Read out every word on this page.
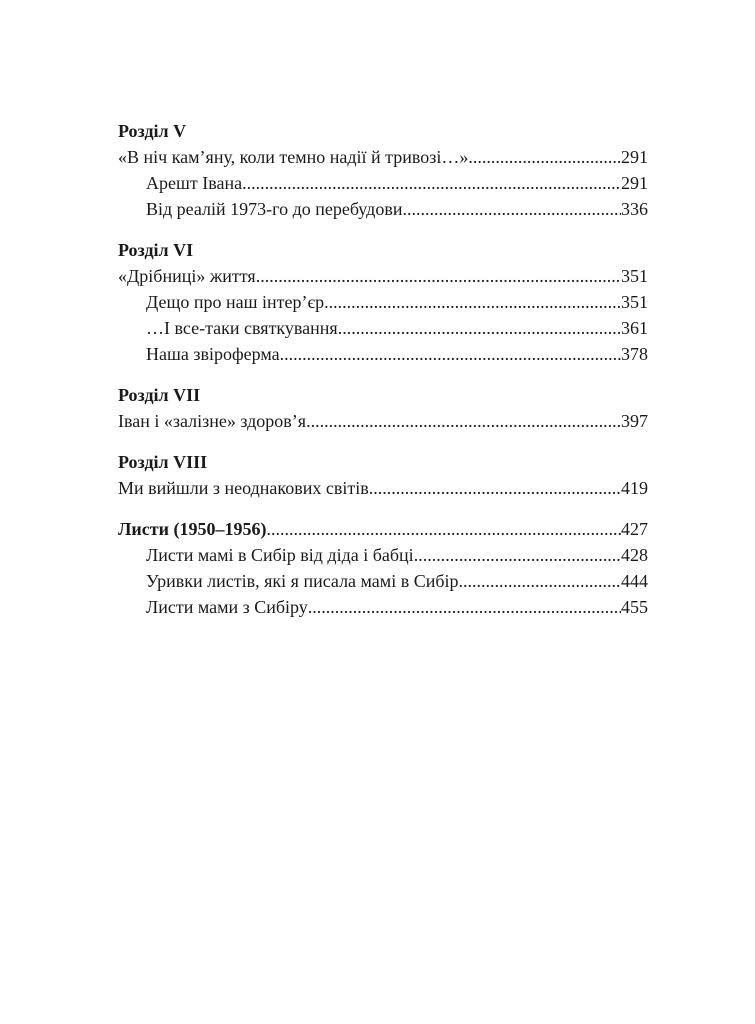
Розділ V
«В ніч кам’яну, коли темно надії й тривозі…» .....	291
Арешт Івана .....	291
Від реалій 1973-го до перебудови .....	336
Розділ VI
«Дрібниці» життя .....	351
Дещо про наш інтер’єр .....	351
…І все-таки святкування .....	361
Наша звіроферма .....	378
Розділ VII
Іван і «залізне» здоров’я .....	397
Розділ VIII
Ми вийшли з неоднакових світів .....	419
Листи (1950–1956) .....	427
Листи мамі в Сибір від діда і бабці .....	428
Уривки листів, які я писала мамі в Сибір .....	444
Листи мами з Сибіру .....	455
